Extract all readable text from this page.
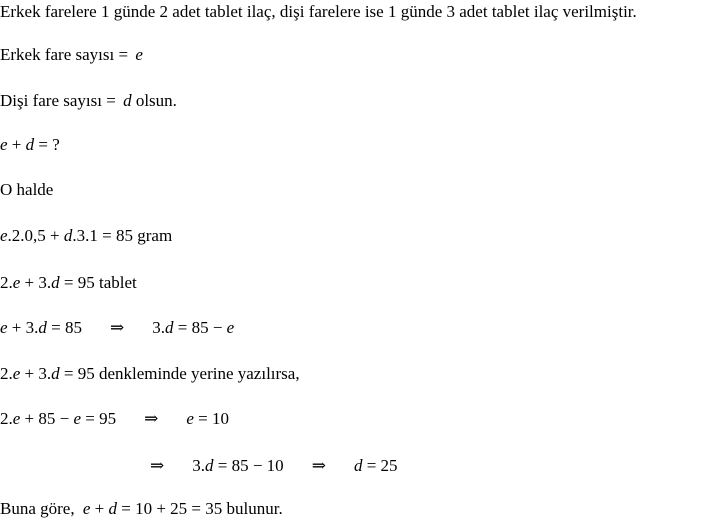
Erkek farelere 1 günde 2 adet tablet ilaç, dişi farelere ise 1 günde 3 adet tablet ilaç verilmiştir.
Erkek fare sayısı = e
Dişi fare sayısı = d olsun.
e + d = ?
O halde
e.2.0,5 + d.3.1 = 85 gram
2.e + 3.d = 95 tablet
e + 3.d = 85 ⇒ 3.d = 85 − e
2.e + 3.d = 95 denkleminde yerine yazılırsa,
2.e + 85 − e = 95 ⇒ e = 10
⇒ 3.d = 85 − 10 ⇒ d = 25
Buna göre, e + d = 10 + 25 = 35 bulunur.
